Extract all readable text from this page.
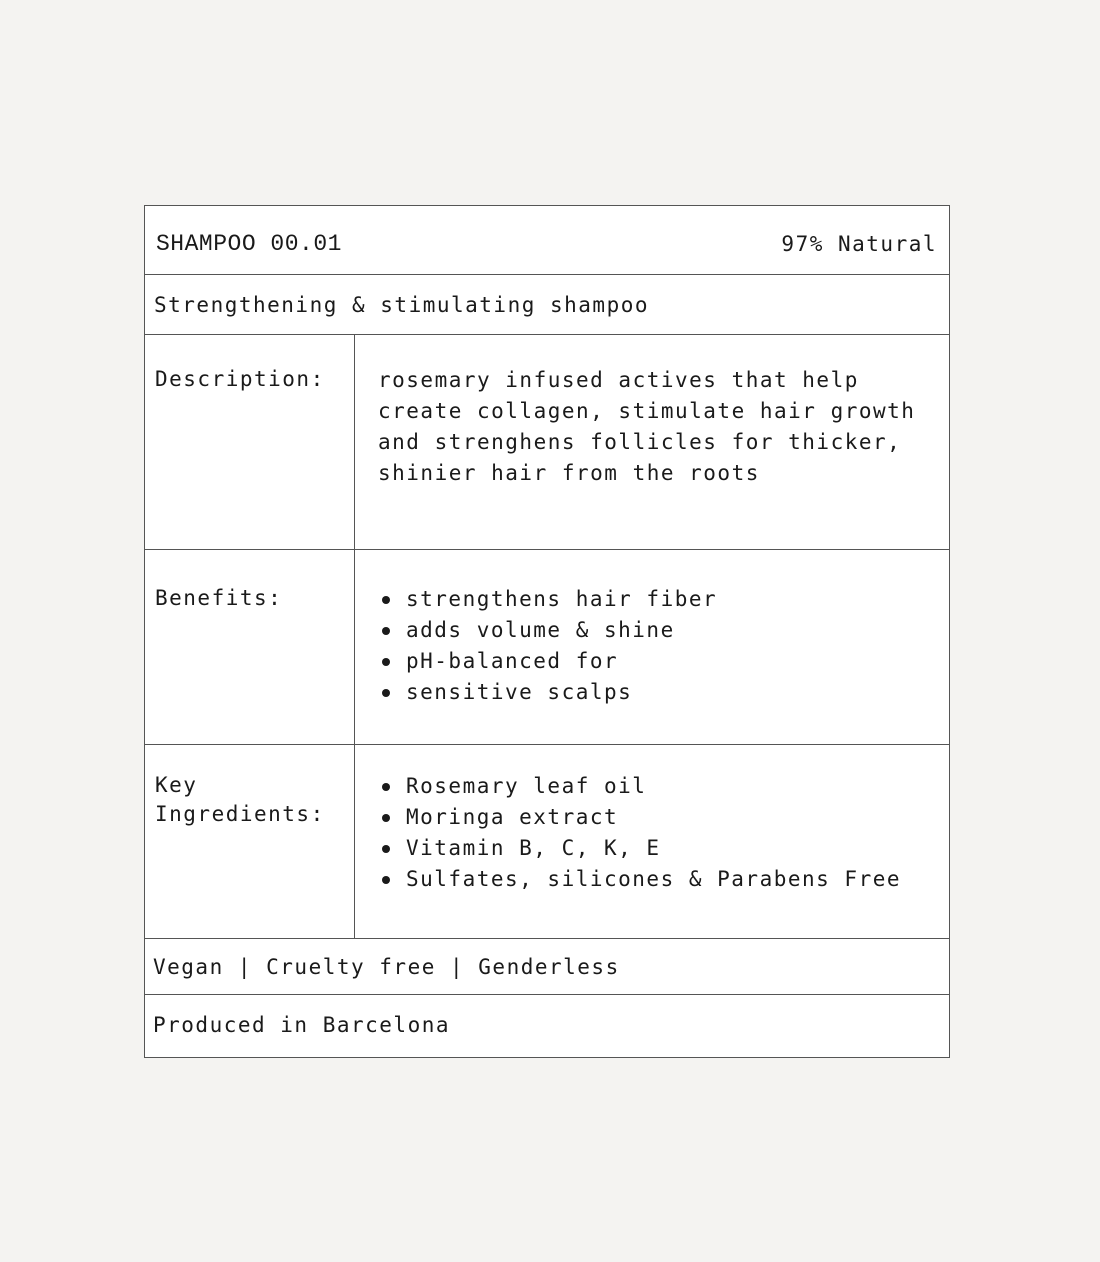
SHAMPOO 00.01	97% Natural
Strengthening & stimulating shampoo
Description:	rosemary infused actives that help create collagen, stimulate hair growth and strenghens follicles for thicker, shinier hair from the roots
Benefits:	strengthens hair fiber
adds volume & shine
pH-balanced for
sensitive scalps
Key Ingredients:
Rosemary leaf oil
Moringa extract
Vitamin B, C, K, E
Sulfates, silicones & Parabens Free
Vegan | Cruelty free | Genderless
Produced in Barcelona
